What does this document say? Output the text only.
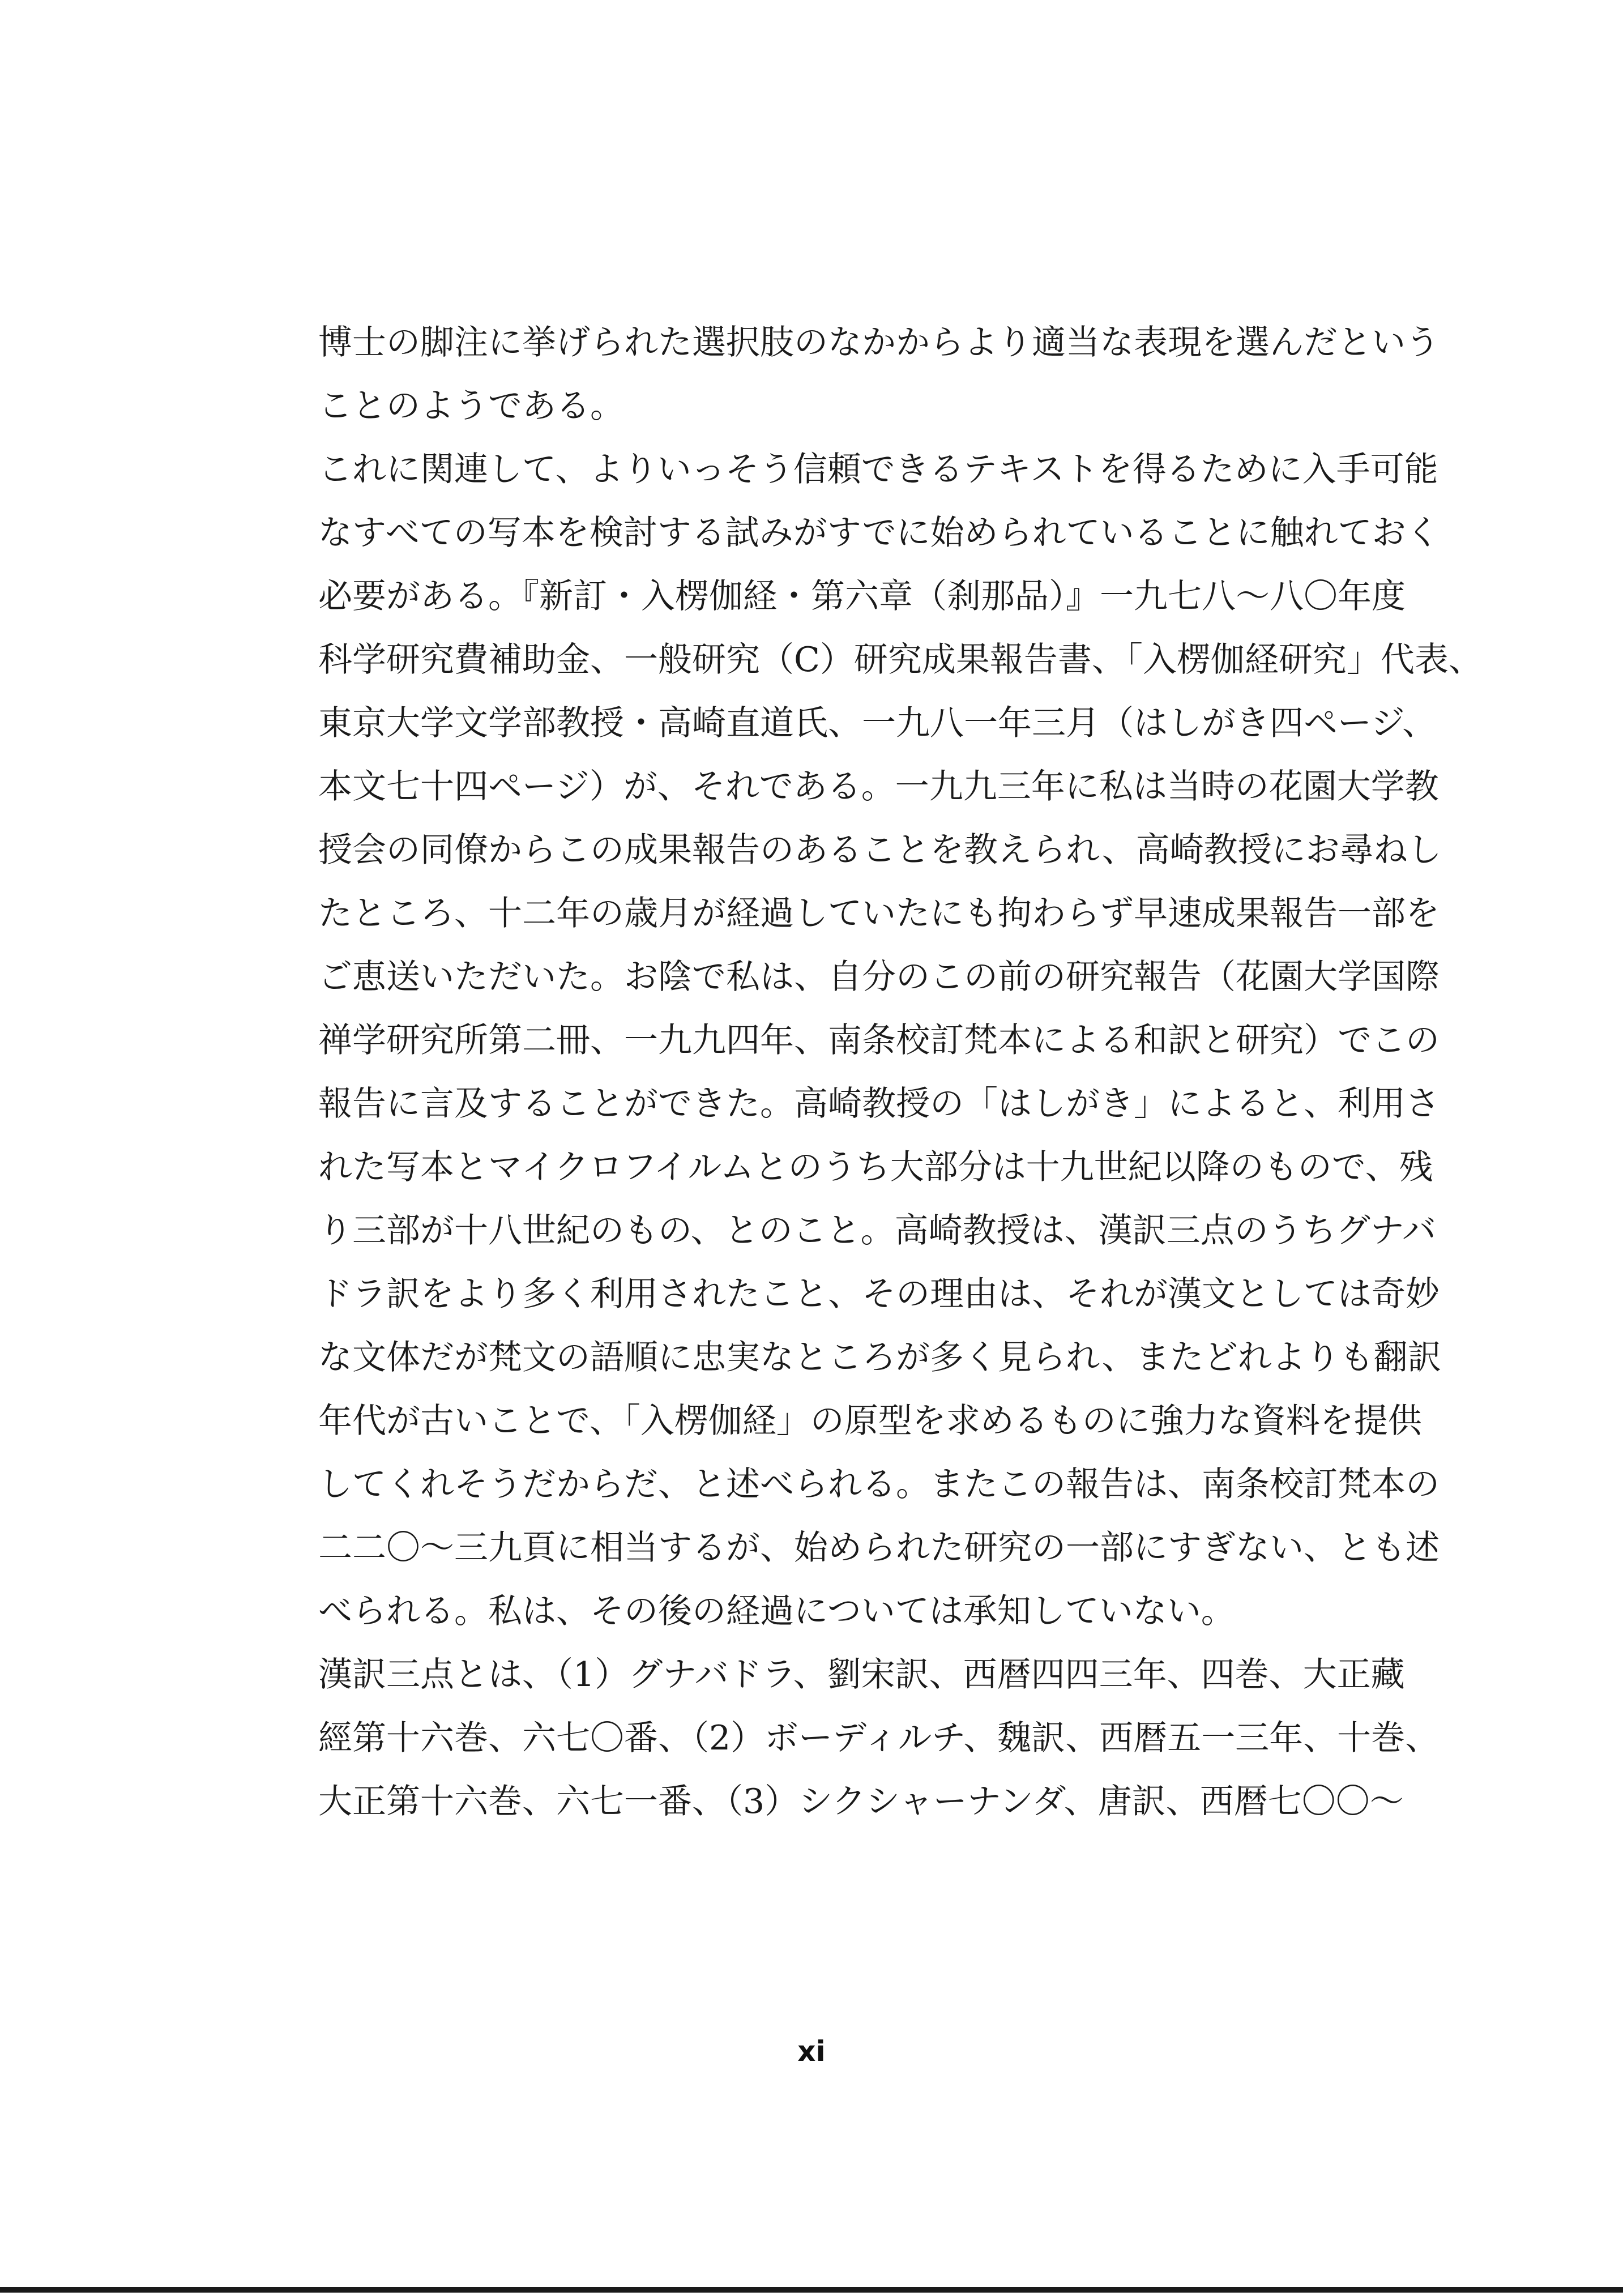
博士の脚注に挙げられた選択肢のなかからより適当な表現を選んだという
ことのようである。
これに関連して、よりいっそう信頼できるテキストを得るために入手可能
なすべての写本を検討する試みがすでに始められていることに触れておく
必要がある。『新訂・入楞伽経・第六章（刹那品）』一九七八～八〇年度
科学研究費補助金、一般研究（C）研究成果報告書、「入楞伽経研究」代表、
東京大学文学部教授・高崎直道氏、一九八一年三月（はしがき四ページ、
本文七十四ページ）が、それである。一九九三年に私は当時の花園大学教
授会の同僚からこの成果報告のあることを教えられ、高崎教授にお尋ねし
たところ、十二年の歳月が経過していたにも拘わらず早速成果報告一部を
ご恵送いただいた。お陰で私は、自分のこの前の研究報告（花園大学国際
禅学研究所第二冊、一九九四年、南条校訂梵本による和訳と研究）でこの
報告に言及することができた。高崎教授の「はしがき」によると、利用さ
れた写本とマイクロフイルムとのうち大部分は十九世紀以降のもので、残
り三部が十八世紀のもの、とのこと。高崎教授は、漢訳三点のうちグナバ
ドラ訳をより多く利用されたこと、その理由は、それが漢文としては奇妙
な文体だが梵文の語順に忠実なところが多く見られ、またどれよりも翻訳
年代が古いことで、「入楞伽経」の原型を求めるものに強力な資料を提供
してくれそうだからだ、と述べられる。またこの報告は、南条校訂梵本の
二二〇～三九頁に相当するが、始められた研究の一部にすぎない、とも述
べられる。私は、その後の経過については承知していない。
漢訳三点とは、（1）グナバドラ、劉宋訳、西暦四四三年、四巻、大正藏
經第十六巻、六七〇番、（2）ボーディルチ、魏訳、西暦五一三年、十巻、
大正第十六巻、六七一番、（3）シクシャーナンダ、唐訳、西暦七〇〇～
xi
